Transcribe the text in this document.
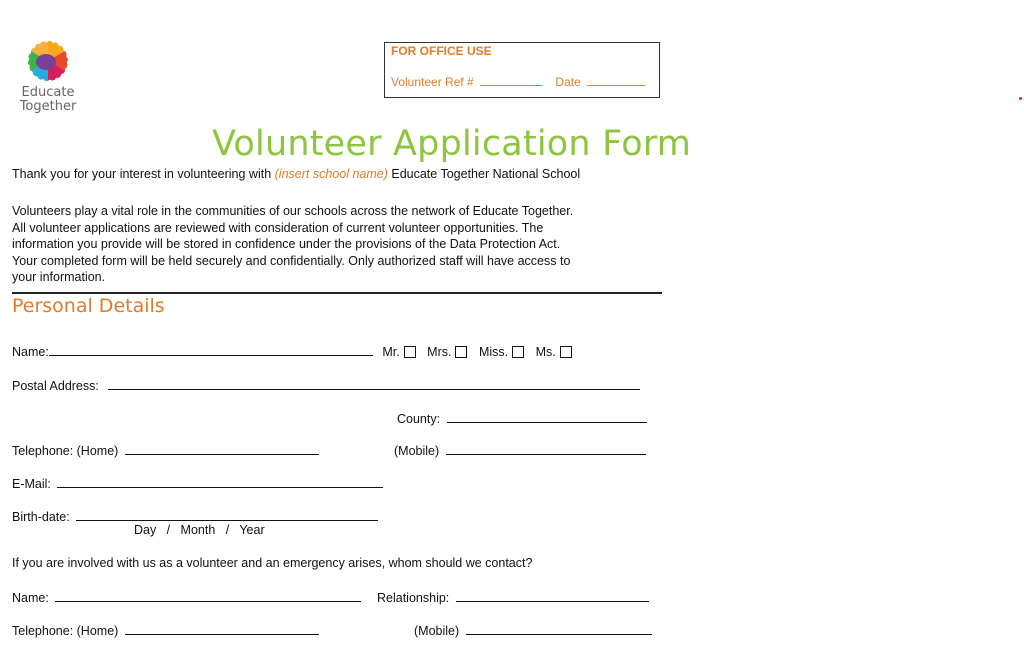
Educate
Together
FOR OFFICE USE
Volunteer Ref #	Date
Volunteer Application Form
Thank you for your interest in volunteering with (insert school name) Educate Together National School
Volunteers play a vital role in the communities of our schools across the network of Educate Together.
All volunteer applications are reviewed with consideration of current volunteer opportunities. The
information you provide will be stored in confidence under the provisions of the Data Protection Act.
Your completed form will be held securely and confidentially. Only authorized staff will have access to
your information.
Personal Details
Name:	Mr. Mrs. Miss. Ms.
Postal Address:
County:
Telephone: (Home)	(Mobile)
E-Mail:
Birth-date:
Day   /   Month   /   Year
If you are involved with us as a volunteer and an emergency arises, whom should we contact?
Name:	Relationship:
Telephone: (Home)	(Mobile)
